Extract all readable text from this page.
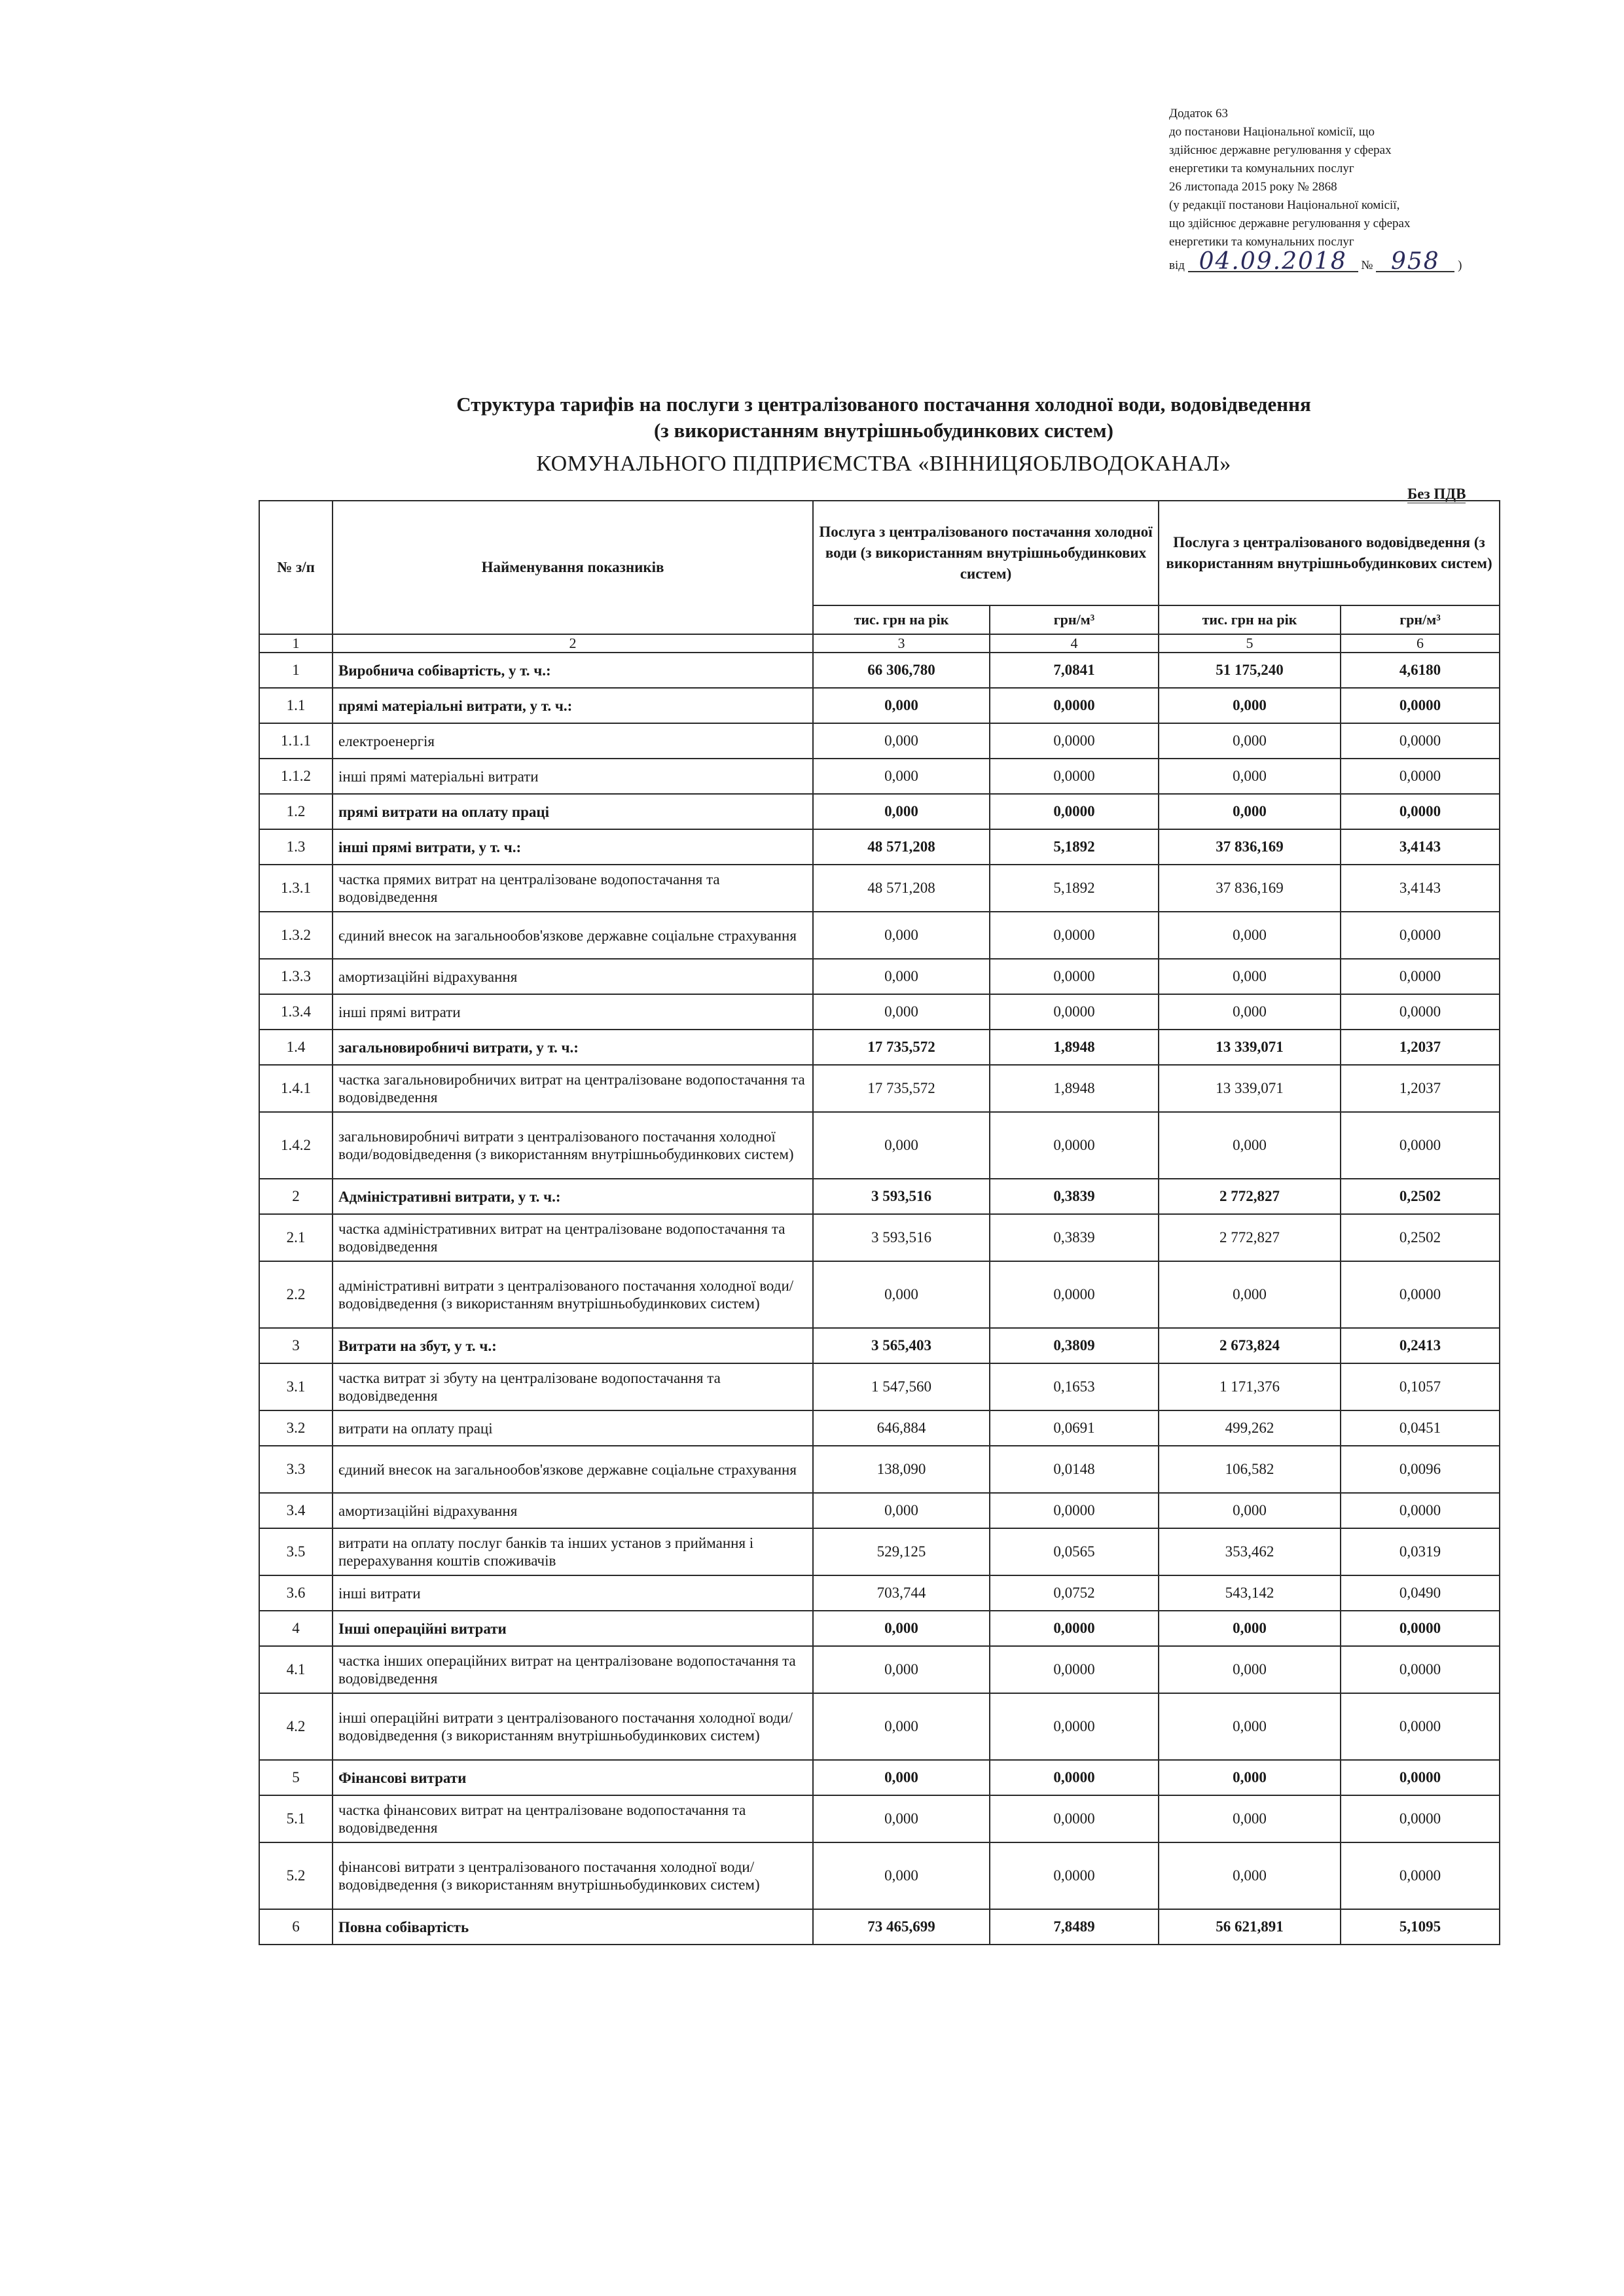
Додаток 63
до постанови Національної комісії, що
здійснює державне регулювання у сферах
енергетики та комунальних послуг
26 листопада 2015 року № 2868
(у редакції постанови Національної комісії,
що здійснює державне регулювання у сферах
енергетики та комунальних послуг
від 04.09.2018 № 958 )
Структура тарифів на послуги з централізованого постачання холодної води, водовідведення
(з використанням внутрішньобудинкових систем)
КОМУНАЛЬНОГО ПІДПРИЄМСТВА «ВІННИЦЯОБЛВОДОКАНАЛ»
Без ПДВ
№ з/п	Найменування показників	Послуга з централізованого постачання холодної води (з використанням внутрішньобудинкових систем)		Послуга з централізованого водовідведення (з використанням внутрішньобудинкових систем)	
		тис. грн на рік	грн/м³	тис. грн на рік	грн/м³
1	2	3	4	5	6
1	Виробнича собівартість, у т. ч.:	66 306,780	7,0841	51 175,240	4,6180
1.1	прямі матеріальні витрати, у т. ч.:	0,000	0,0000	0,000	0,0000
1.1.1	електроенергія	0,000	0,0000	0,000	0,0000
1.1.2	інші прямі матеріальні витрати	0,000	0,0000	0,000	0,0000
1.2	прямі витрати на оплату праці	0,000	0,0000	0,000	0,0000
1.3	інші прямі витрати, у т. ч.:	48 571,208	5,1892	37 836,169	3,4143
1.3.1	частка прямих витрат на централізоване водопостачання та водовідведення	48 571,208	5,1892	37 836,169	3,4143
1.3.2	єдиний внесок на загальнообов'язкове державне соціальне страхування	0,000	0,0000	0,000	0,0000
1.3.3	амортизаційні відрахування	0,000	0,0000	0,000	0,0000
1.3.4	інші прямі витрати	0,000	0,0000	0,000	0,0000
1.4	загальновиробничі витрати, у т. ч.:	17 735,572	1,8948	13 339,071	1,2037
1.4.1	частка загальновиробничих витрат на централізоване водопостачання та водовідведення	17 735,572	1,8948	13 339,071	1,2037
1.4.2	загальновиробничі витрати з централізованого постачання холодної води/водовідведення (з використанням внутрішньобудинкових систем)	0,000	0,0000	0,000	0,0000
2	Адміністративні витрати, у т. ч.:	3 593,516	0,3839	2 772,827	0,2502
2.1	частка адміністративних витрат на централізоване водопостачання та водовідведення	3 593,516	0,3839	2 772,827	0,2502
2.2	адміністративні витрати з централізованого постачання холодної води/водовідведення (з використанням внутрішньобудинкових систем)	0,000	0,0000	0,000	0,0000
3	Витрати на збут, у т. ч.:	3 565,403	0,3809	2 673,824	0,2413
3.1	частка витрат зі збуту на централізоване водопостачання та водовідведення	1 547,560	0,1653	1 171,376	0,1057
3.2	витрати на оплату праці	646,884	0,0691	499,262	0,0451
3.3	єдиний внесок на загальнообов'язкове державне соціальне страхування	138,090	0,0148	106,582	0,0096
3.4	амортизаційні відрахування	0,000	0,0000	0,000	0,0000
3.5	витрати на оплату послуг банків та інших установ з приймання і перерахування коштів споживачів	529,125	0,0565	353,462	0,0319
3.6	інші витрати	703,744	0,0752	543,142	0,0490
4	Інші операційні витрати	0,000	0,0000	0,000	0,0000
4.1	частка інших операційних витрат на централізоване водопостачання та водовідведення	0,000	0,0000	0,000	0,0000
4.2	інші операційні витрати з централізованого постачання холодної води/водовідведення (з використанням внутрішньобудинкових систем)	0,000	0,0000	0,000	0,0000
5	Фінансові витрати	0,000	0,0000	0,000	0,0000
5.1	частка фінансових витрат на централізоване водопостачання та водовідведення	0,000	0,0000	0,000	0,0000
5.2	фінансові витрати з централізованого постачання холодної води/водовідведення (з використанням внутрішньобудинкових систем)	0,000	0,0000	0,000	0,0000
6	Повна собівартість	73 465,699	7,8489	56 621,891	5,1095
